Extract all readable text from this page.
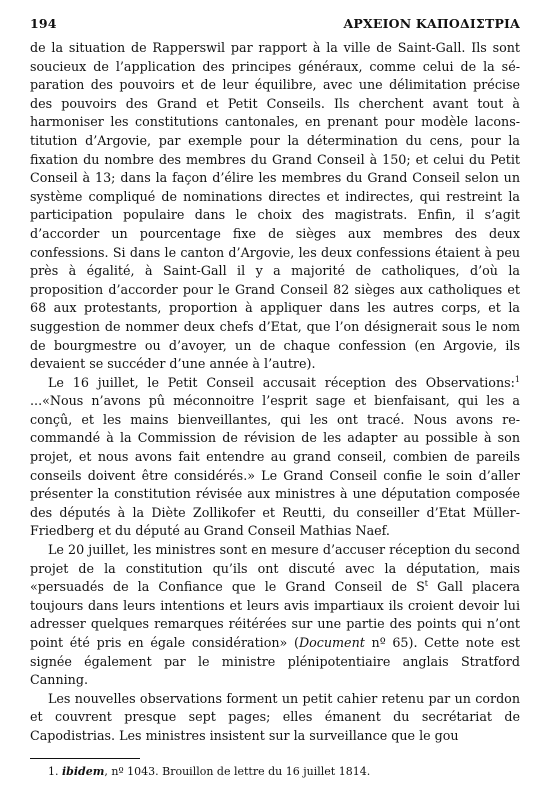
194	ΑΡΧΕΙΟΝ ΚΑΠΟΔΙΣΤΡΙΑ

de la situation de Rapperswil par rapport à la ville de Saint-Gall. Ils sont soucieux de l’application des principes généraux, comme celui de la séparation des pouvoirs et de leur équilibre, avec une délimitation précise des pouvoirs des Grand et Petit Conseils. Ils cherchent avant tout à harmoniser les constitutions cantonales, en prenant pour modèle laconstitution d’Argovie, par exemple pour la détermination du cens, pour la fixation du nombre des membres du Grand Conseil à 150; et celui du Petit Conseil à 13; dans la façon d’élire les membres du Grand Conseil selon un système compliqué de nominations directes et indirectes, qui restreint la participation populaire dans le choix des magistrats. Enfin, il s’agit d’accorder un pourcentage fixe de sièges aux membres des deux confessions. Si dans le canton d’Argovie, les deux confessions étaient à peu près à égalité, à Saint-Gall il y a majorité de catholiques, d’où la proposition d’accorder pour le Grand Conseil 82 sièges aux catholiques et 68 aux protestants, proportion à appliquer dans les autres corps, et la suggestion de nommer deux chefs d’Etat, que l’on désignerait sous le nom de bourgmestre ou d’avoyer, un de chaque confession (en Argovie, ils devaient se succéder d’une année à l’autre).

Le 16 juillet, le Petit Conseil accusait réception des Observations:$^1$ ...«Nous n’avons pû méconnoitre l’esprit sage et bienfaisant, qui les a conçû, et les mains bienveillantes, qui les ont tracé. Nous avons recommandé à la Commission de révision de les adapter au possible à son projet, et nous avons fait entendre au grand conseil, combien de pareils conseils doivent être considérés.» Le Grand Conseil confie le soin d’aller présenter la constitution révisée aux ministres à une députation composée des députés à la Diète Zollikofer et Reutti, du conseiller d’Etat Müller-Friedberg et du député au Grand Conseil Mathias Naef.

Le 20 juillet, les ministres sont en mesure d’accuser réception du second projet de la constitution qu’ils ont discuté avec la députation, mais «persuadés de la Confiance que le Grand Conseil de $S^t$ Gall placera toujours dans leurs intentions et leurs avis impartiaux ils croient devoir lui adresser quelques remarques réitérées sur une partie des points qui n’ont point été pris en égale considération» (Document nº 65). Cette note est signée également par le ministre plénipotentiaire anglais Stratford Canning.

Les nouvelles observations forment un petit cahier retenu par un cordon et couvrent presque sept pages; elles émanent du secrétariat de Capodistrias. Les ministres insistent sur la surveillance que le gou

1. ibidem, nº 1043. Brouillon de lettre du 16 juillet 1814.
